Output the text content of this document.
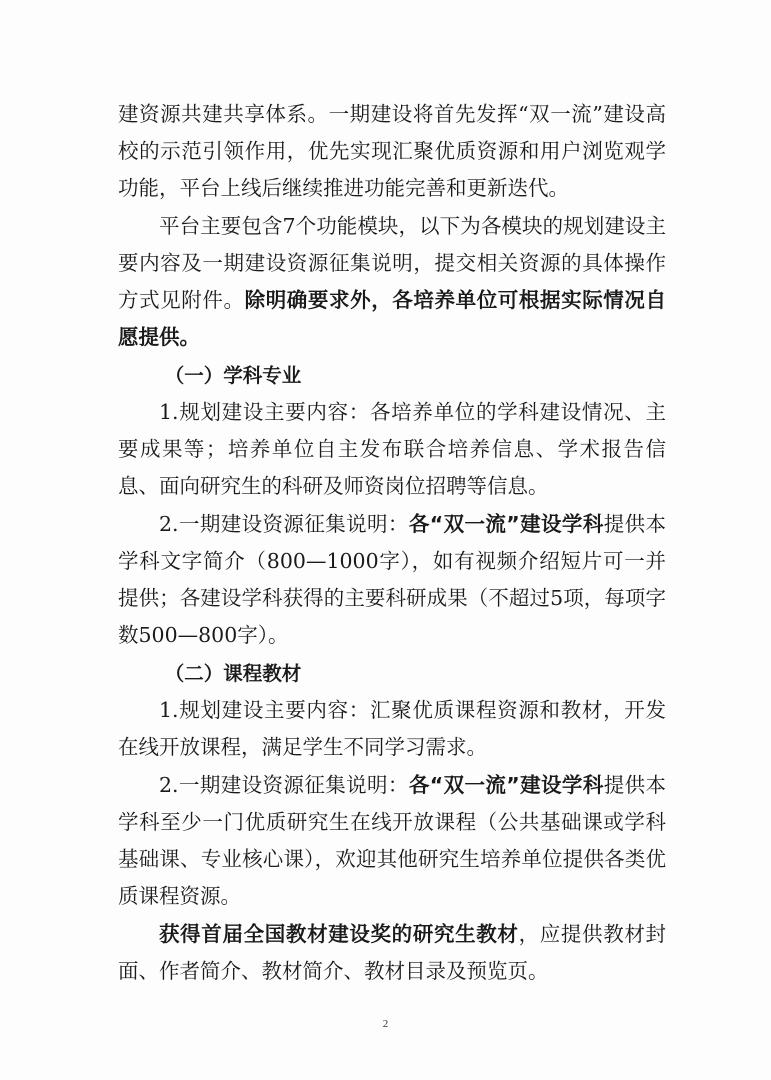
建资源共建共享体系。一期建设将首先发挥“双一流”建设高校的示范引领作用，优先实现汇聚优质资源和用户浏览观学功能，平台上线后继续推进功能完善和更新迭代。

平台主要包含7个功能模块，以下为各模块的规划建设主要内容及一期建设资源征集说明，提交相关资源的具体操作方式见附件。除明确要求外，各培养单位可根据实际情况自愿提供。

（一）学科专业

1.规划建设主要内容：各培养单位的学科建设情况、主要成果等；培养单位自主发布联合培养信息、学术报告信息、面向研究生的科研及师资岗位招聘等信息。

2.一期建设资源征集说明：各“双一流”建设学科提供本学科文字简介（800—1000字），如有视频介绍短片可一并提供；各建设学科获得的主要科研成果（不超过5项，每项字数500—800字）。

（二）课程教材

1.规划建设主要内容：汇聚优质课程资源和教材，开发在线开放课程，满足学生不同学习需求。

2.一期建设资源征集说明：各“双一流”建设学科提供本学科至少一门优质研究生在线开放课程（公共基础课或学科基础课、专业核心课），欢迎其他研究生培养单位提供各类优质课程资源。

获得首届全国教材建设奖的研究生教材，应提供教材封面、作者简介、教材简介、教材目录及预览页。

2
